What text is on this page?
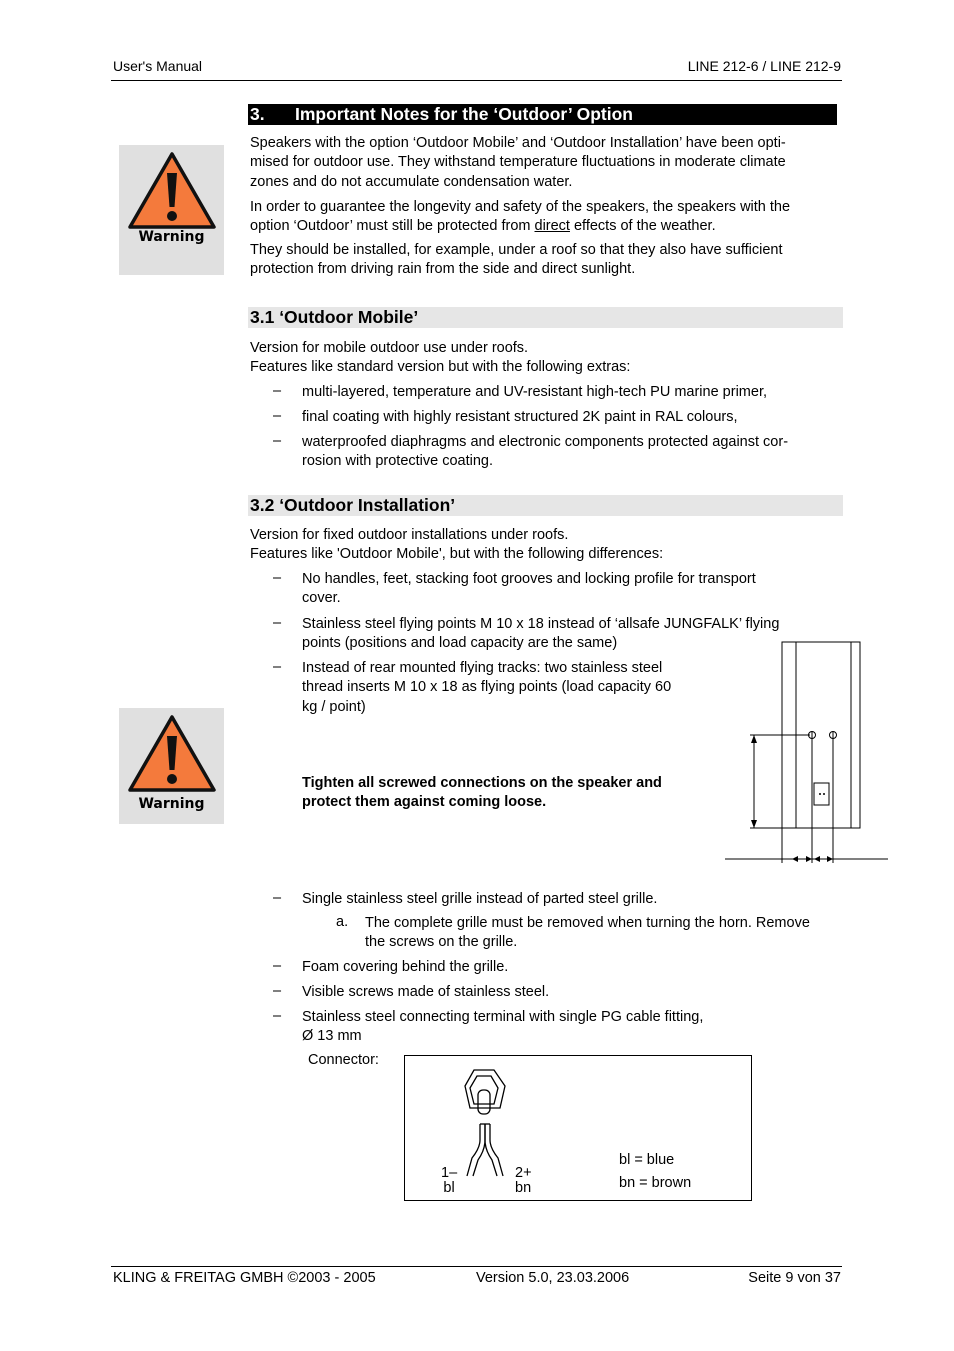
User's Manual	LINE 212-6 / LINE 212-9
3. Important Notes for the ‘Outdoor’ Option
Warning
Speakers with the option ‘Outdoor Mobile’ and ‘Outdoor Installation’ have been opti-
mised for outdoor use. They withstand temperature fluctuations in moderate climate
zones and do not accumulate condensation water.
In order to guarantee the longevity and safety of the speakers, the speakers with the
option ‘Outdoor’ must still be protected from direct effects of the weather.
They should be installed, for example, under a roof so that they also have sufficient
protection from driving rain from the side and direct sunlight.
3.1 ‘Outdoor Mobile’
Version for mobile outdoor use under roofs.
Features like standard version but with the following extras:
– multi-layered, temperature and UV-resistant high-tech PU marine primer,
– final coating with highly resistant structured 2K paint in RAL colours,
– waterproofed diaphragms and electronic components protected against cor-
rosion with protective coating.
3.2 ‘Outdoor Installation’
Version for fixed outdoor installations under roofs.
Features like 'Outdoor Mobile', but with the following differences:
– No handles, feet, stacking foot grooves and locking profile for transport
cover.
– Stainless steel flying points M 10 x 18 instead of ‘allsafe JUNGFALK’ flying
points (positions and load capacity are the same)
– Instead of rear mounted flying tracks: two stainless steel
thread inserts M 10 x 18 as flying points (load capacity 60
kg / point)
Warning
Tighten all screwed connections on the speaker and
protect them against coming loose.
– Single stainless steel grille instead of parted steel grille.
a. The complete grille must be removed when turning the horn. Remove
the screws on the grille.
– Foam covering behind the grille.
– Visible screws made of stainless steel.
– Stainless steel connecting terminal with single PG cable fitting,
Ø 13 mm
Connector:
1–
bl
2+
bn
bl = blue
bn = brown
KLING & FREITAG GMBH ©2003 - 2005	Version 5.0, 23.03.2006	Seite 9 von 37
